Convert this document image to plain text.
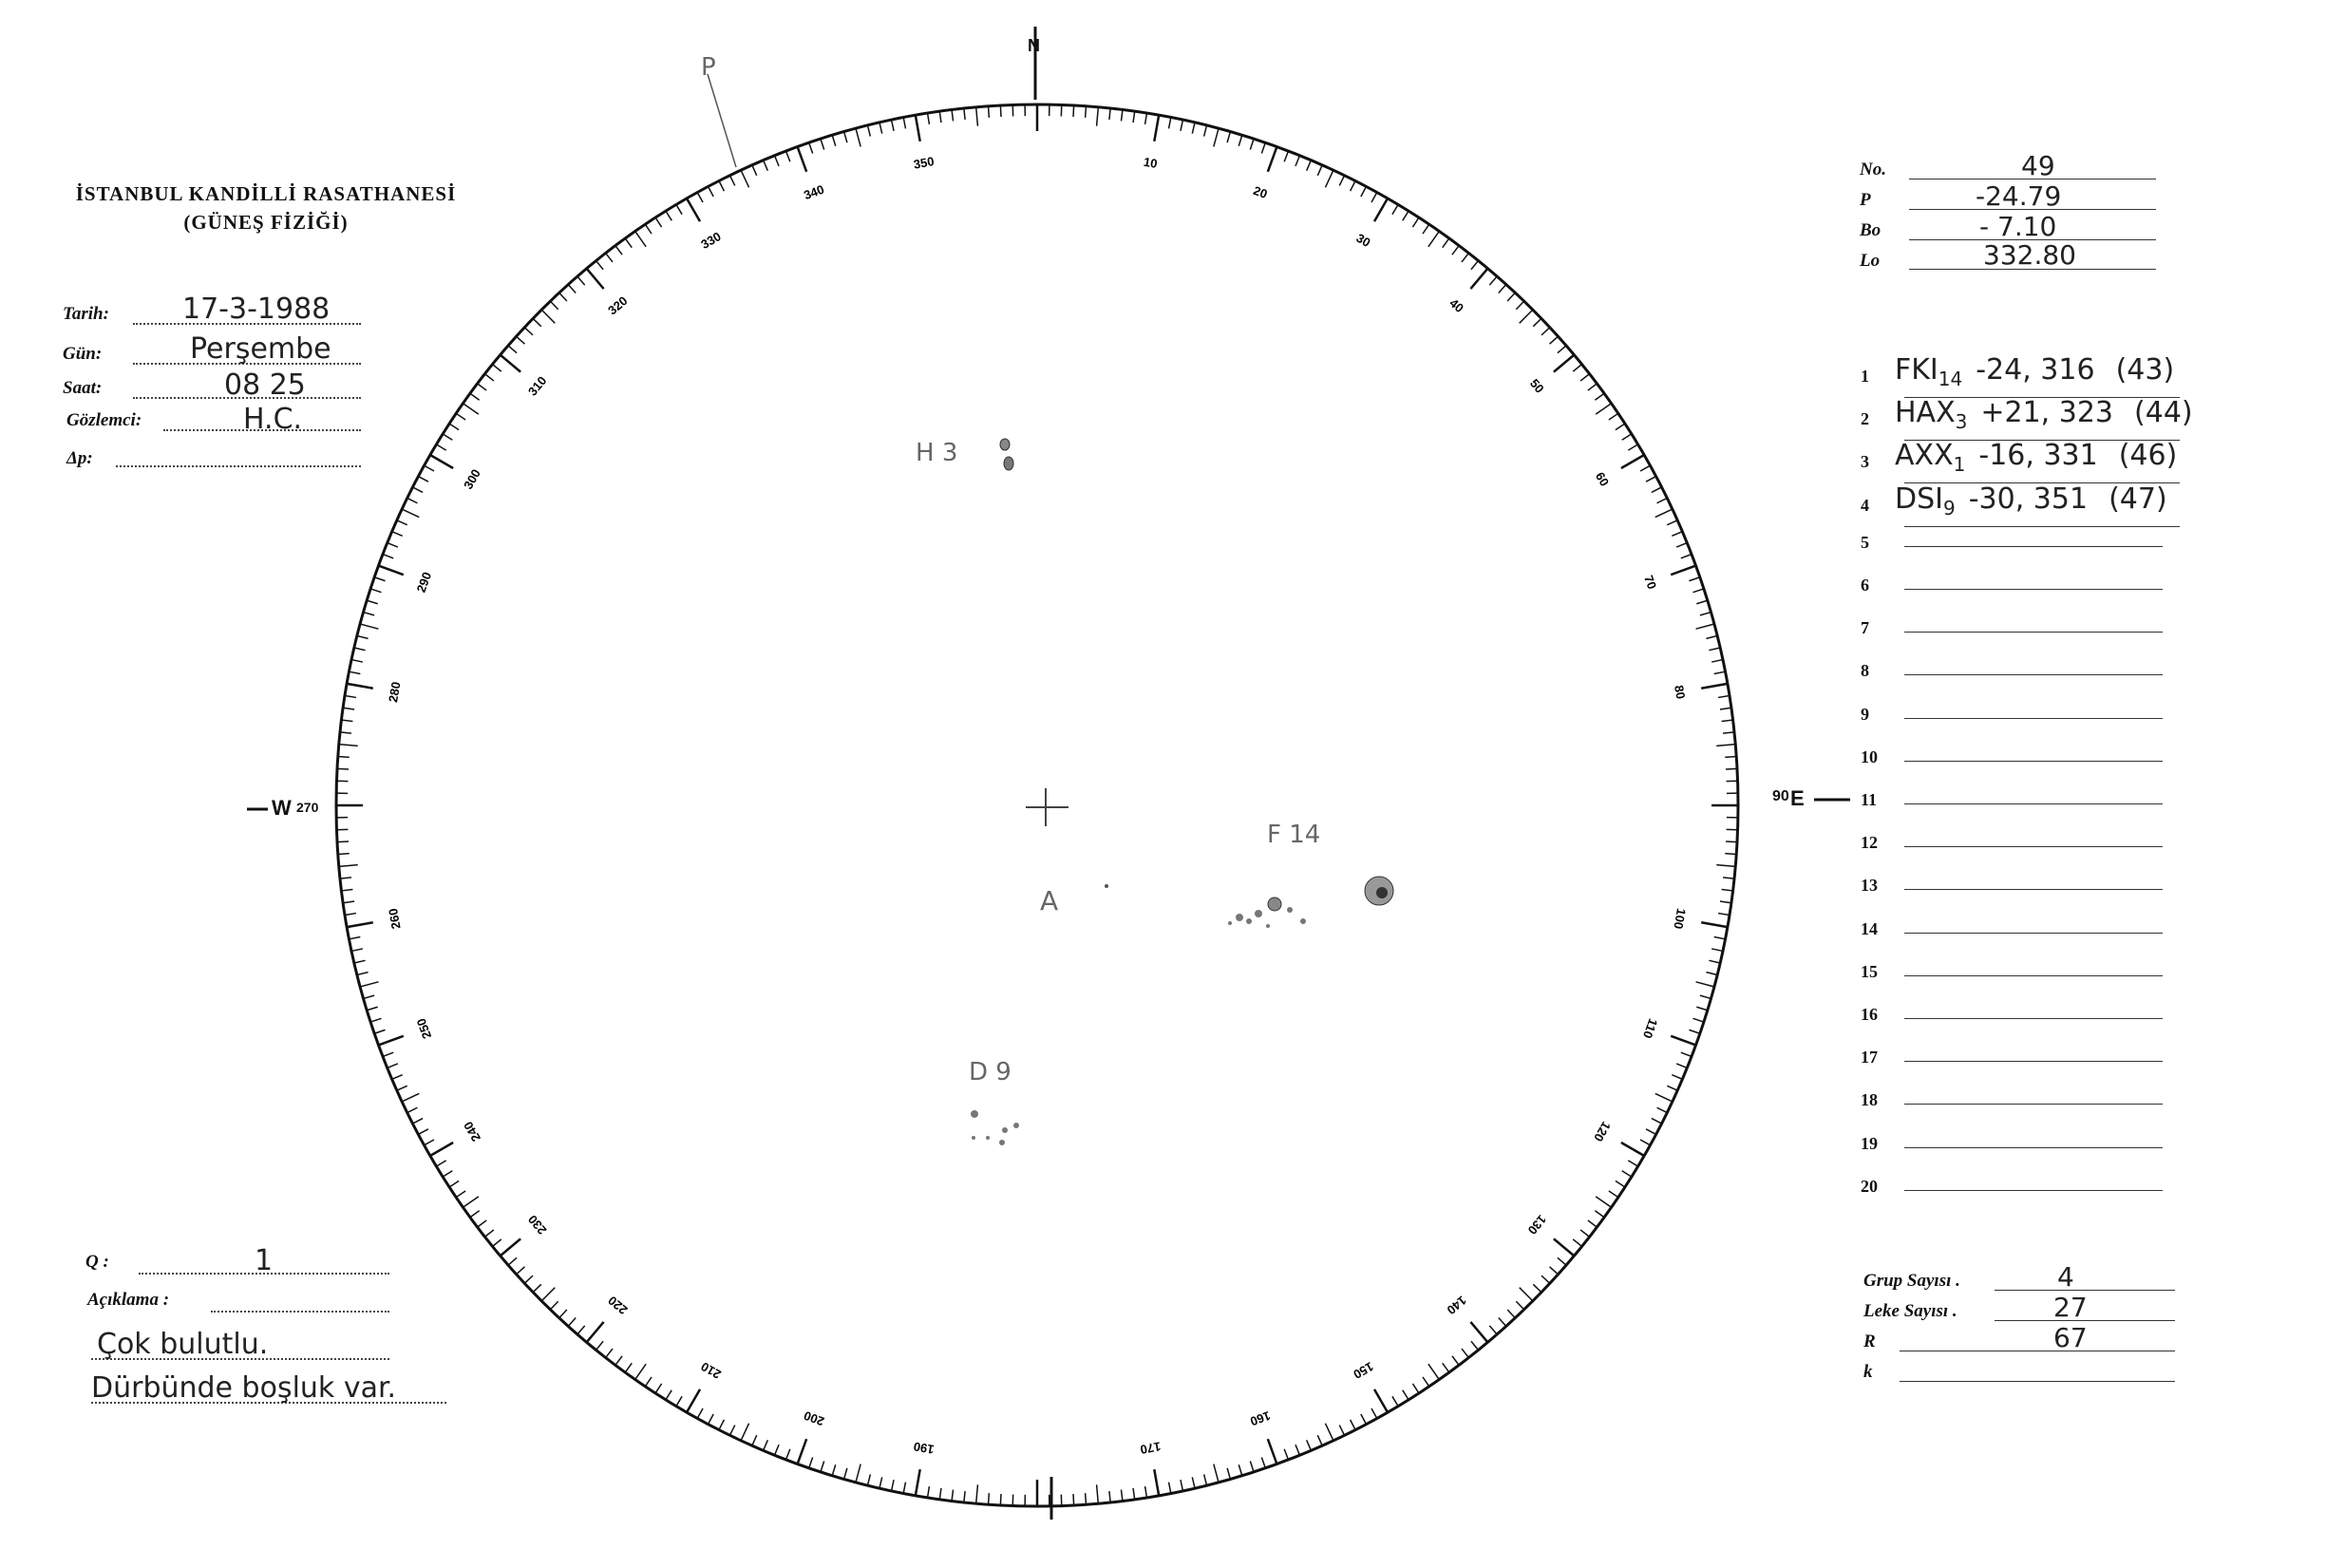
İSTANBUL KANDİLLİ RASATHANESİ
(GÜNEŞ FİZİĞİ)
Tarih:	17-3-1988
Gün:	Perşembe
Saat:	08 25
Gözlemci:	H.C.
Δp:
No.	49
P	-24.79
Bo	- 7.10
Lo	332.80
1 $FKI_{14}$ -24, 316 (43)
2 $HAX_3 +21$, 323 (44)
3 $AXX_1$ -16, 331 (46)
4 $DSI_9$ -30, 351 (47)
5
6
7
8
9
10
11
12
13
14
15
16
17
18
19
20
Q :	1
Açıklama :
Çok bulutlu.
Dürbünde boşluk var.
Grup Sayısı .	4
Leke Sayısı .	27
R	67
k
10
20
30
40
50
60
70
80
100
110
120
130
140
150
160
170
190
200
210
220
230
240
250
260
280
290
300
310
320
330
340
350
N
E
W	90
270
P
H 3
F 14
A
D 9
